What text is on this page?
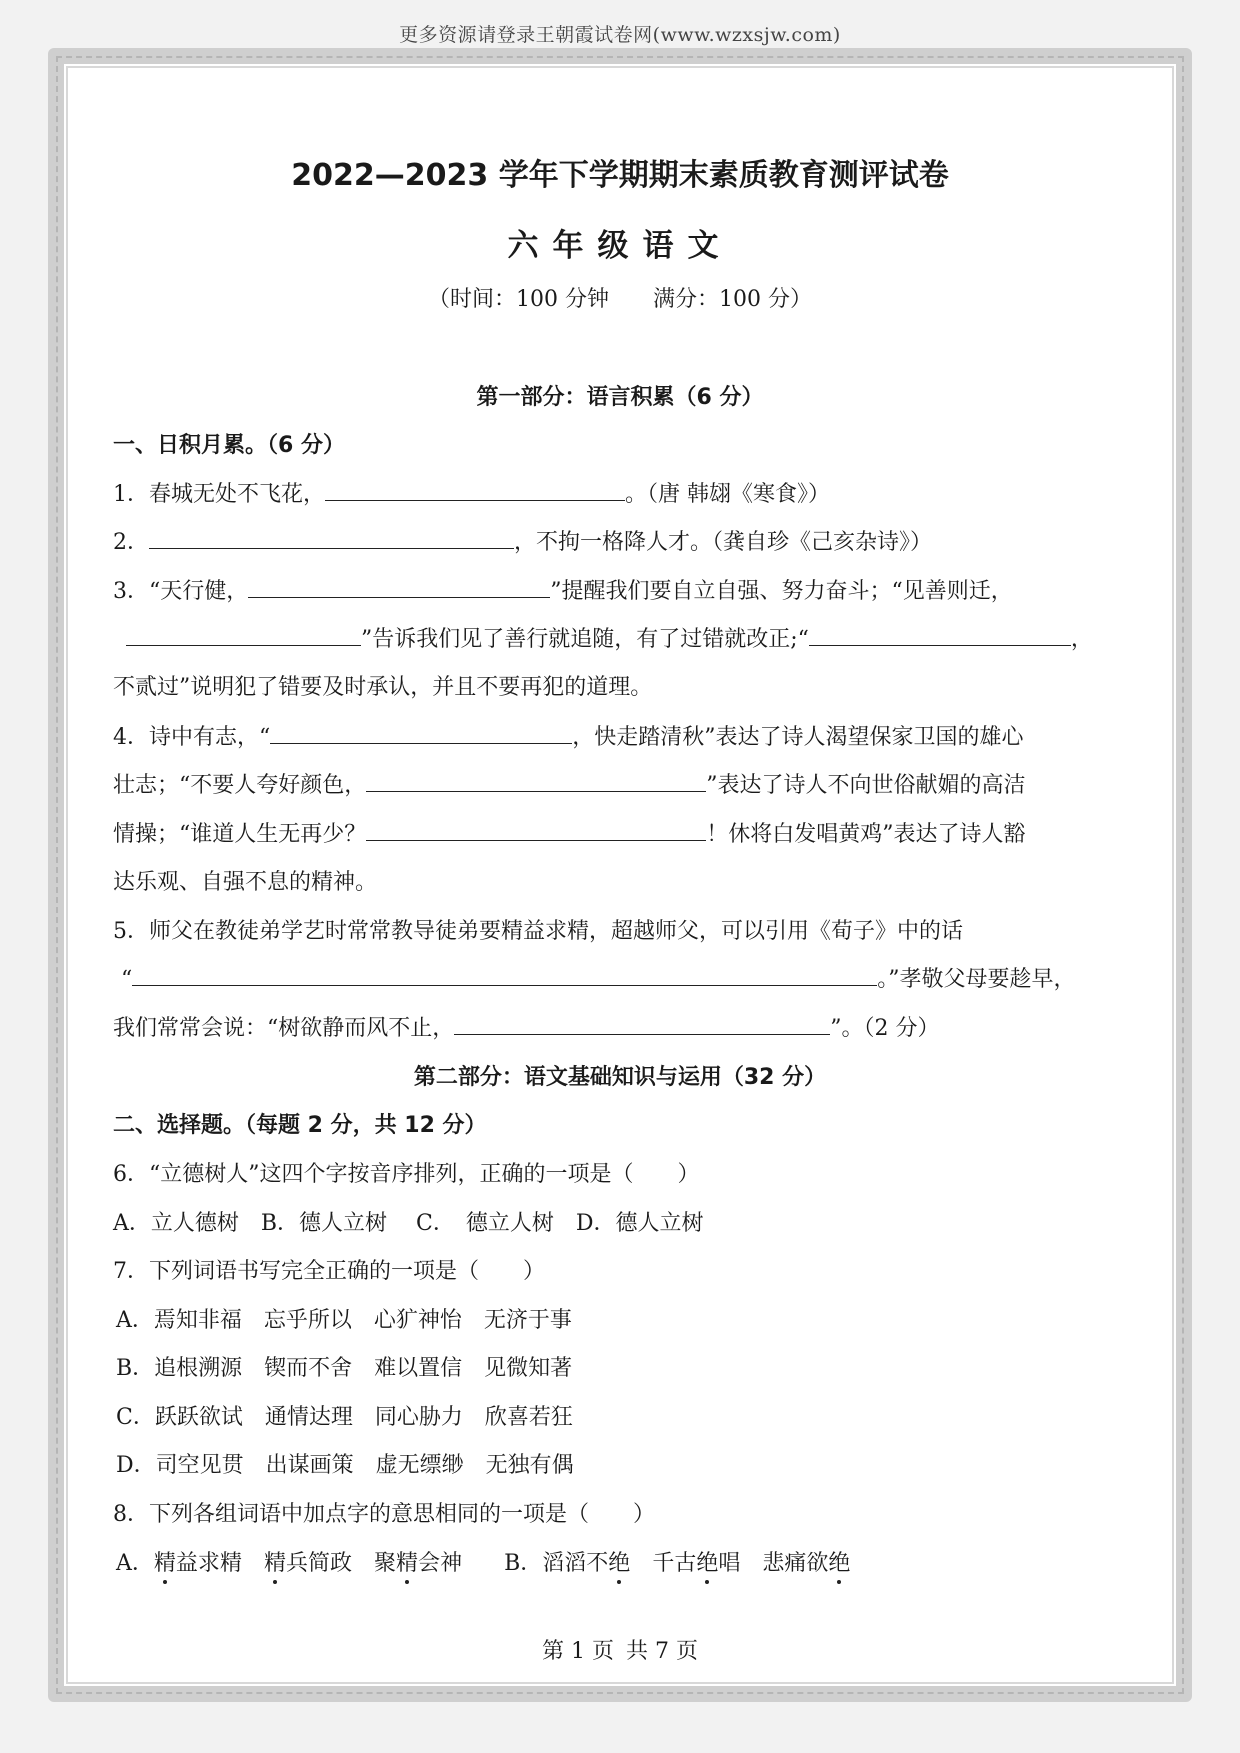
更多资源请登录王朝霞试卷网(www.wzxsjw.com)
2022—2023 学年下学期期末素质教育测评试卷
六年级语文
（时间：100 分钟 满分：100 分）
第一部分：语言积累（6 分）
一、日积月累。（6 分）
1．春城无处不飞花，	。（唐 韩翃《寒食》）
2．	，不拘一格降人才。（龚自珍《己亥杂诗》）
3．“天行健，	”提醒我们要自立自强、努力奋斗；“见善则迁，
”告诉我们见了善行就追随，有了过错就改正;“	，
不贰过”说明犯了错要及时承认，并且不要再犯的道理。
4．诗中有志，“	，快走踏清秋”表达了诗人渴望保家卫国的雄心
壮志；“不要人夸好颜色，	”表达了诗人不向世俗献媚的高洁
情操；“谁道人生无再少？	！休将白发唱黄鸡”表达了诗人豁
达乐观、自强不息的精神。
5．师父在教徒弟学艺时常常教导徒弟要精益求精，超越师父，可以引用《荀子》中的话
“	。”孝敬父母要趁早，
我们常常会说：“树欲静而风不止，	”。（2 分）
第二部分：语文基础知识与运用（32 分）
二、选择题。（每题 2 分，共 12 分）
6．“立德树人”这四个字按音序排列，正确的一项是（　　）
A．立人德树　B．德人立树　 C．　德立人树　D．德人立树
7．下列词语书写完全正确的一项是（　　）
A．焉知非福　忘乎所以　心犷神怡　无济于事
B．追根溯源　锲而不舍　难以置信　见微知著
C．跃跃欲试　通情达理　同心胁力　欣喜若狂
D．司空见贯　出谋画策　虚无缥缈　无独有偶
8．下列各组词语中加点字的意思相同的一项是（　　）
A．精益求精 精兵简政 聚精会神 B．滔滔不绝 千古绝唱 悲痛欲绝
第 1 页 共 7 页
